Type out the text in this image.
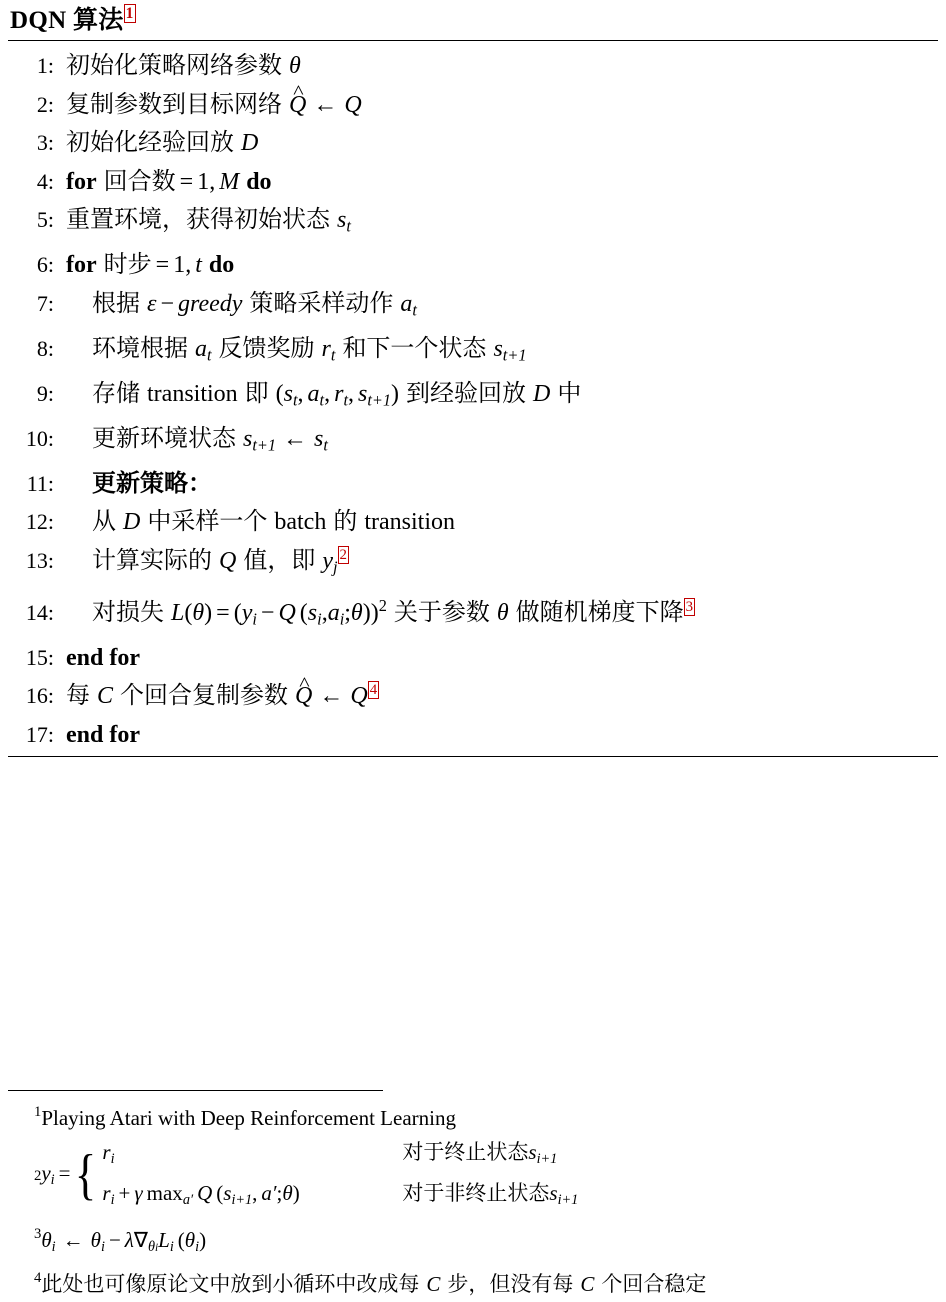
DQN 算法 $^1$
1: 初始化策略网络参数 θ
2: 复制参数到目标网络 ^ Q ← Q
3: 初始化经验回放 D
4: for 回合数 = 1, M do
5: 重置环境，获得初始状态 $s_t$
6: for 时步 = 1, t do
7:	根据 ε − greedy 策略采样动作 $a_t$
8:	环境根据 $a_t$ 反馈奖励 $r_t$ 和下一个状态 $s_{t+1}$
9:	存储 transition 即 ($s_t$, $a_t$, $r_t$, $s_{t+1}$) 到经验回放 D 中
10:	更新环境状态 $s_{t+1}$ ← $s_t$
11:	更新策略：
12:	从 D 中采样一个 batch 的 transition
13:	计算实际的 Q 值，即 $y_j^2$
14:	对损失 $L(\theta) = (y_i - Q$ $(s_i,a_i;\theta))^2$ 关于参数 θ 做随机梯度下降 $^3$
15: end for
16: 每 C 个回合复制参数 ^ Q ← Q $^4$
17: end for
$^1$Playing Atari with Deep Reinforcement Learning
2 yi = { ri	对于终止状态si+1
ri + γ maxa′ Q (si+1, a′;θ)	对于非终止状态si+1
$^3$θi ← θi − λ∇θiLi (θi)
$^4$此处也可像原论文中放到小循环中改成每 C 步，但没有每 C 个回合稳定
